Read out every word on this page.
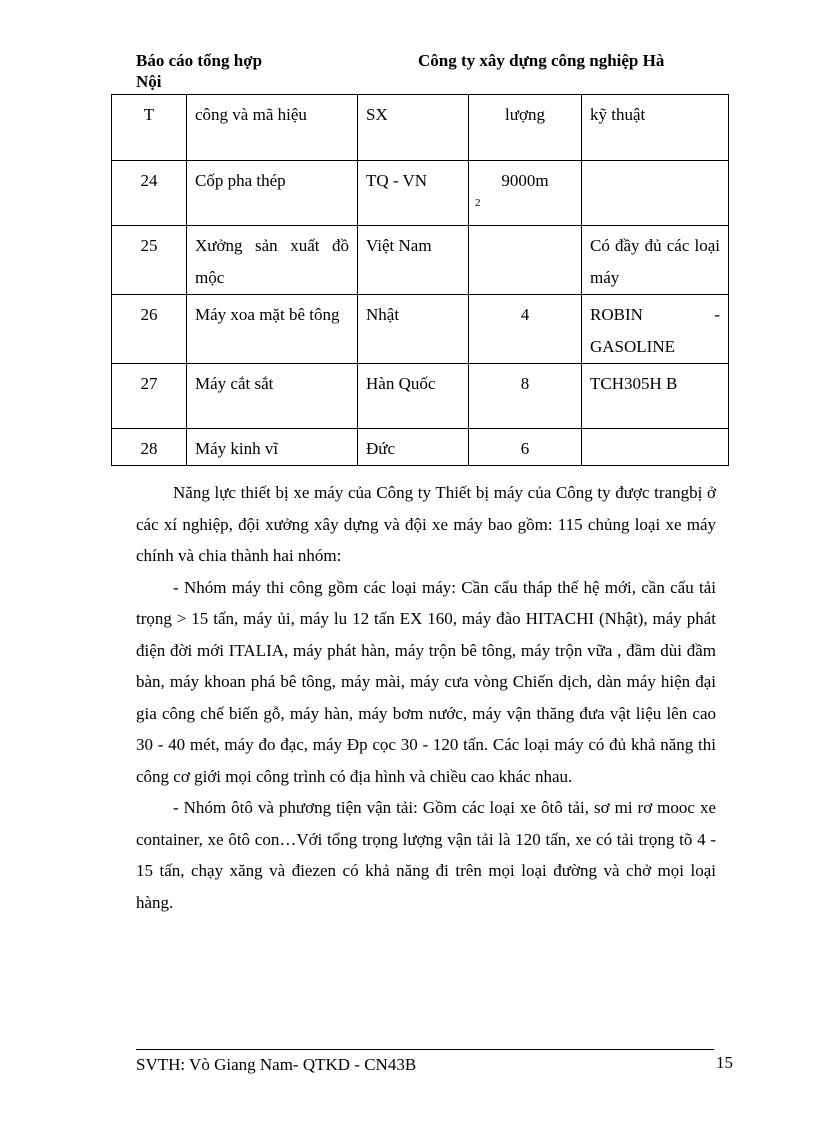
Báo cáo tổng hợp
Nội
Công ty xây dựng công nghiệp Hà
T	công và mã hiệu	SX	lượng	kỹ thuật
24	Cốp pha thép	TQ - VN	9000m
2	

25	Xưởng sản xuất đồ mộc	Việt Nam		Có đầy đủ các loại máy
26	Máy xoa mặt bê tông	Nhật	4	ROBIN - GASOLINE
27	Máy cắt sắt	Hàn Quốc	8	TCH305H B
28	Máy kinh vĩ	Đức	6	

Năng lực thiết bị xe máy của Công ty Thiết bị máy của Công ty được trangbị ở các xí nghiệp, đội xưởng xây dựng và đội xe máy bao gồm: 115 chủng loại xe máy chính và chia thành hai nhóm:

- Nhóm máy thi công gồm các loại máy: Cần cẩu tháp thế hệ mới, cần cẩu tải trọng > 15 tấn, máy ủi, máy lu 12 tấn EX 160, máy đào HITACHI (Nhật), máy phát điện đời mới ITALIA, máy phát hàn, máy trộn bê tông, máy trộn vữa , đầm dùi đầm bàn, máy khoan phá bê tông, máy mài, máy cưa vòng Chiến dịch, dàn máy hiện đại gia công chế biến gỗ, máy hàn, máy bơm nước, máy vận thăng đưa vật liệu lên cao 30 - 40 mét, máy đo đạc, máy Đp cọc 30 - 120 tấn. Các loại máy có đủ khả năng thi công cơ giới mọi công trình có địa hình và chiều cao khác nhau.

- Nhóm ôtô và phương tiện vận tải: Gồm các loại xe ôtô tải, sơ mi rơ mooc xe container, xe ôtô con…Với tổng trọng lượng vận tải là 120 tấn, xe có tải trọng tõ 4 - 15 tấn, chạy xăng và điezen có khả năng đi trên mọi loại đường và chở mọi loại hàng.

SVTH: Vò Giang Nam- QTKD - CN43B	15
